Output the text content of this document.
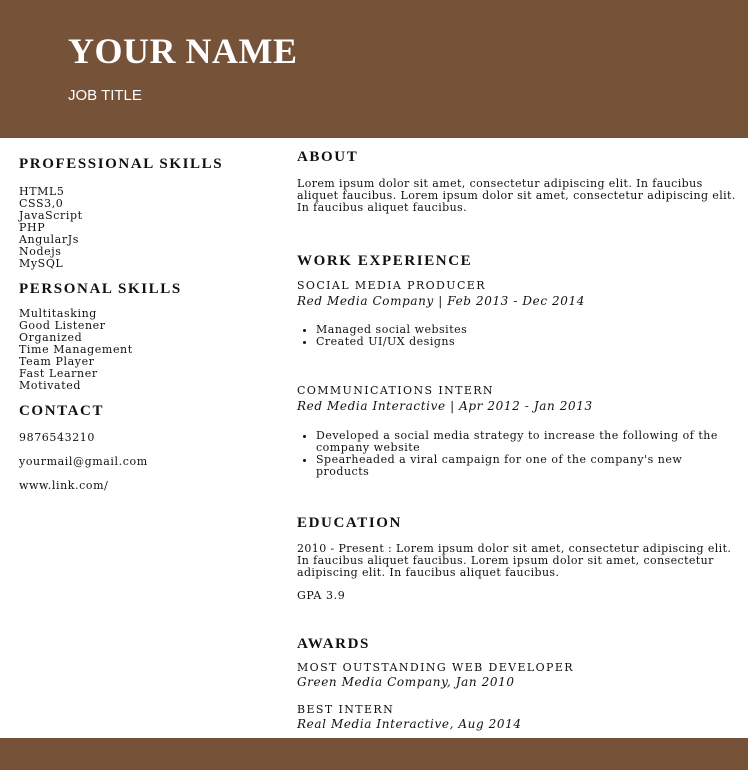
YOUR NAME
JOB TITLE
PROFESSIONAL SKILLS
HTML5
CSS3,0
JavaScript
PHP
AngularJs
Nodejs
MySQL
PERSONAL SKILLS
Multitasking
Good Listener
Organized
Time Management
Team Player
Fast Learner
Motivated
CONTACT
9876543210
yourmail@gmail.com
www.link.com/
ABOUT

Lorem ipsum dolor sit amet, consectetur adipiscing elit. In faucibus aliquet faucibus. Lorem ipsum dolor sit amet, consectetur adipiscing elit. In faucibus aliquet faucibus.

WORK EXPERIENCE
SOCIAL MEDIA PRODUCER
Red Media Company | Feb 2013 - Dec 2014
• Managed social websites
• Created UI/UX designs
COMMUNICATIONS INTERN
Red Media Interactive | Apr 2012 - Jan 2013
• Developed a social media strategy to increase the following of the company website
• Spearheaded a viral campaign for one of the company's new products
EDUCATION

2010 - Present : Lorem ipsum dolor sit amet, consectetur adipiscing elit. In faucibus aliquet faucibus. Lorem ipsum dolor sit amet, consectetur adipiscing elit. In faucibus aliquet faucibus.

GPA 3.9
AWARDS
MOST OUTSTANDING WEB DEVELOPER
Green Media Company, Jan 2010
BEST INTERN
Real Media Interactive, Aug 2014
